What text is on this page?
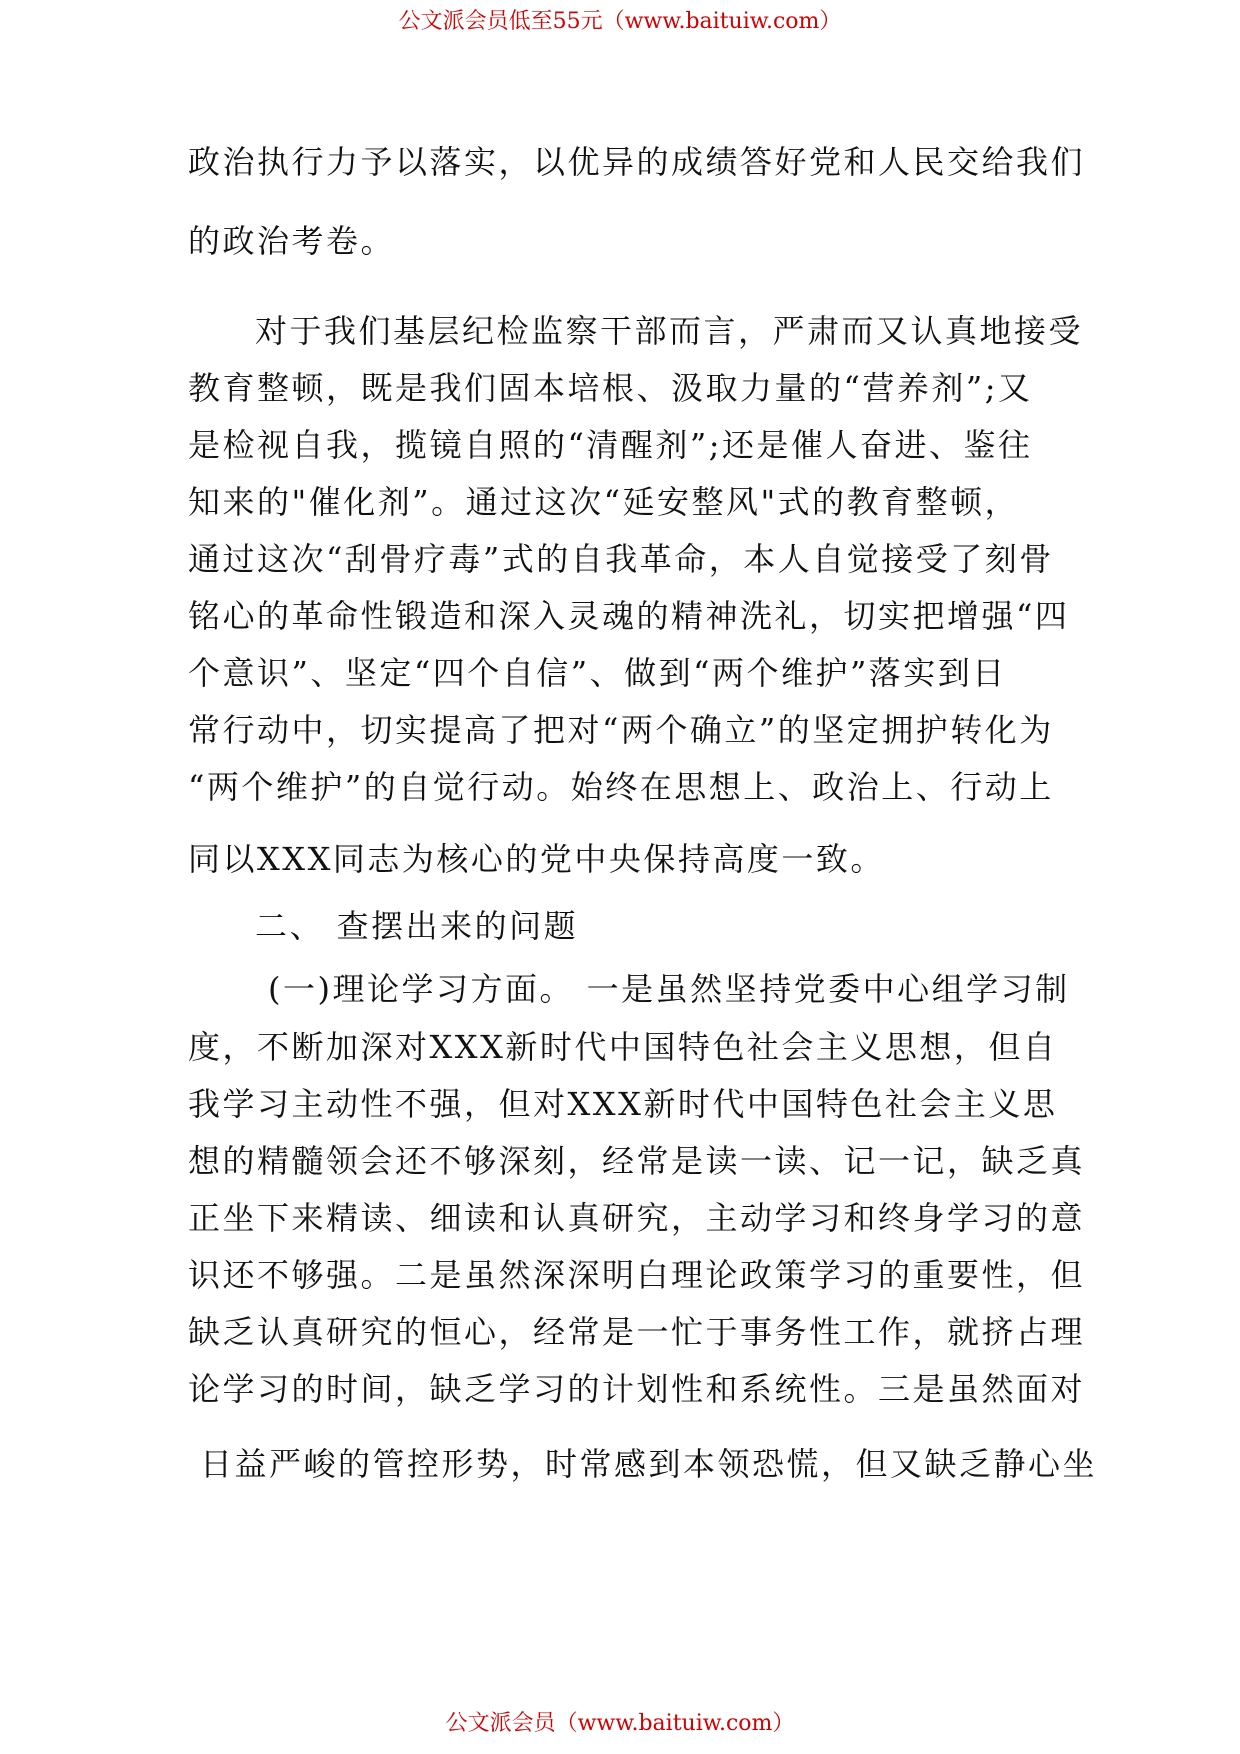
公文派会员低至55元（www.baituiw.com）
政治执行力予以落实，以优异的成绩答好党和人民交给我们
的政治考卷。
对于我们基层纪检监察干部而言，严肃而又认真地接受
教育整顿，既是我们固本培根、汲取力量的“营养剂”;又
是检视自我，揽镜自照的“清醒剂”;还是催人奋进、鉴往
知来的"催化剂”。通过这次“延安整风"式的教育整顿，
通过这次“刮骨疗毒”式的自我革命，本人自觉接受了刻骨
铭心的革命性锻造和深入灵魂的精神洗礼，切实把增强“四
个意识”、坚定“四个自信”、做到“两个维护”落实到日
常行动中，切实提高了把对“两个确立”的坚定拥护转化为
“两个维护”的自觉行动。始终在思想上、政治上、行动上
同以XXX同志为核心的党中央保持高度一致。
二、 查摆出来的问题
(一)理论学习方面。 一是虽然坚持党委中心组学习制
度，不断加深对XXX新时代中国特色社会主义思想，但自
我学习主动性不强，但对XXX新时代中国特色社会主义思
想的精髓领会还不够深刻，经常是读一读、记一记，缺乏真
正坐下来精读、细读和认真研究，主动学习和终身学习的意
识还不够强。二是虽然深深明白理论政策学习的重要性，但
缺乏认真研究的恒心，经常是一忙于事务性工作，就挤占理
论学习的时间，缺乏学习的计划性和系统性。三是虽然面对
日益严峻的管控形势，时常感到本领恐慌，但又缺乏静心坐
公文派会员（www.baituiw.com）
